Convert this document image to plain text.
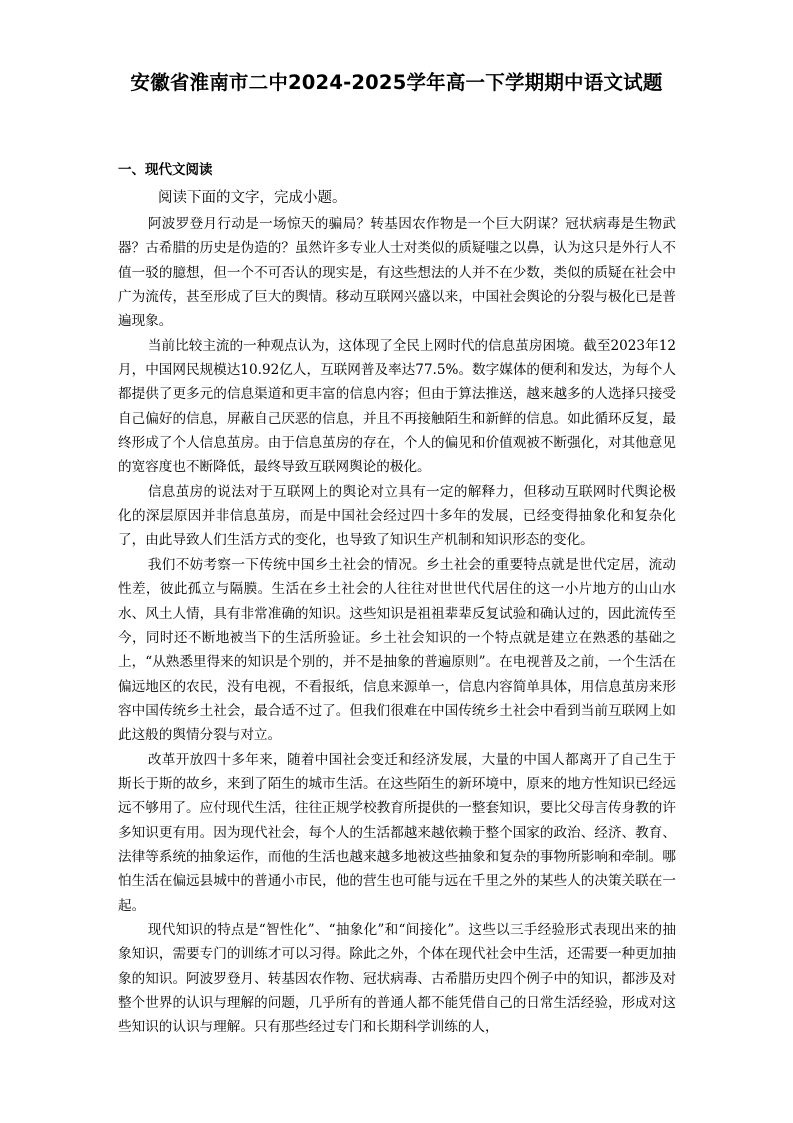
安徽省淮南市二中2024-2025学年高一下学期期中语文试题
一、现代文阅读
阅读下面的文字，完成小题。

阿波罗登月行动是一场惊天的骗局？转基因农作物是一个巨大阴谋？冠状病毒是生物武器？古希腊的历史是伪造的？虽然许多专业人士对类似的质疑嗤之以鼻，认为这只是外行人不值一驳的臆想，但一个不可否认的现实是，有这些想法的人并不在少数，类似的质疑在社会中广为流传，甚至形成了巨大的舆情。移动互联网兴盛以来，中国社会舆论的分裂与极化已是普遍现象。

当前比较主流的一种观点认为，这体现了全民上网时代的信息茧房困境。截至2023年12月，中国网民规模达10.92亿人，互联网普及率达77.5%。数字媒体的便利和发达，为每个人都提供了更多元的信息渠道和更丰富的信息内容；但由于算法推送，越来越多的人选择只接受自己偏好的信息，屏蔽自己厌恶的信息，并且不再接触陌生和新鲜的信息。如此循环反复，最终形成了个人信息茧房。由于信息茧房的存在，个人的偏见和价值观被不断强化，对其他意见的宽容度也不断降低，最终导致互联网舆论的极化。

信息茧房的说法对于互联网上的舆论对立具有一定的解释力，但移动互联网时代舆论极化的深层原因并非信息茧房，而是中国社会经过四十多年的发展，已经变得抽象化和复杂化了，由此导致人们生活方式的变化，也导致了知识生产机制和知识形态的变化。

我们不妨考察一下传统中国乡土社会的情况。乡土社会的重要特点就是世代定居，流动性差，彼此孤立与隔膜。生活在乡土社会的人往往对世世代代居住的这一小片地方的山山水水、风土人情，具有非常准确的知识。这些知识是祖祖辈辈反复试验和确认过的，因此流传至今，同时还不断地被当下的生活所验证。乡土社会知识的一个特点就是建立在熟悉的基础之上，“从熟悉里得来的知识是个别的，并不是抽象的普遍原则”。在电视普及之前，一个生活在偏远地区的农民，没有电视，不看报纸，信息来源单一，信息内容简单具体，用信息茧房来形容中国传统乡土社会，最合适不过了。但我们很难在中国传统乡土社会中看到当前互联网上如此这般的舆情分裂与对立。

改革开放四十多年来，随着中国社会变迁和经济发展，大量的中国人都离开了自己生于斯长于斯的故乡，来到了陌生的城市生活。在这些陌生的新环境中，原来的地方性知识已经远远不够用了。应付现代生活，往往正规学校教育所提供的一整套知识，要比父母言传身教的许多知识更有用。因为现代社会，每个人的生活都越来越依赖于整个国家的政治、经济、教育、法律等系统的抽象运作，而他的生活也越来越多地被这些抽象和复杂的事物所影响和牵制。哪怕生活在偏远县城中的普通小市民，他的营生也可能与远在千里之外的某些人的决策关联在一起。

现代知识的特点是“智性化”、“抽象化”和“间接化”。这些以三手经验形式表现出来的抽象知识，需要专门的训练才可以习得。除此之外，个体在现代社会中生活，还需要一种更加抽象的知识。阿波罗登月、转基因农作物、冠状病毒、古希腊历史四个例子中的知识，都涉及对整个世界的认识与理解的问题，几乎所有的普通人都不能凭借自己的日常生活经验，形成对这些知识的认识与理解。只有那些经过专门和长期科学训练的人，
